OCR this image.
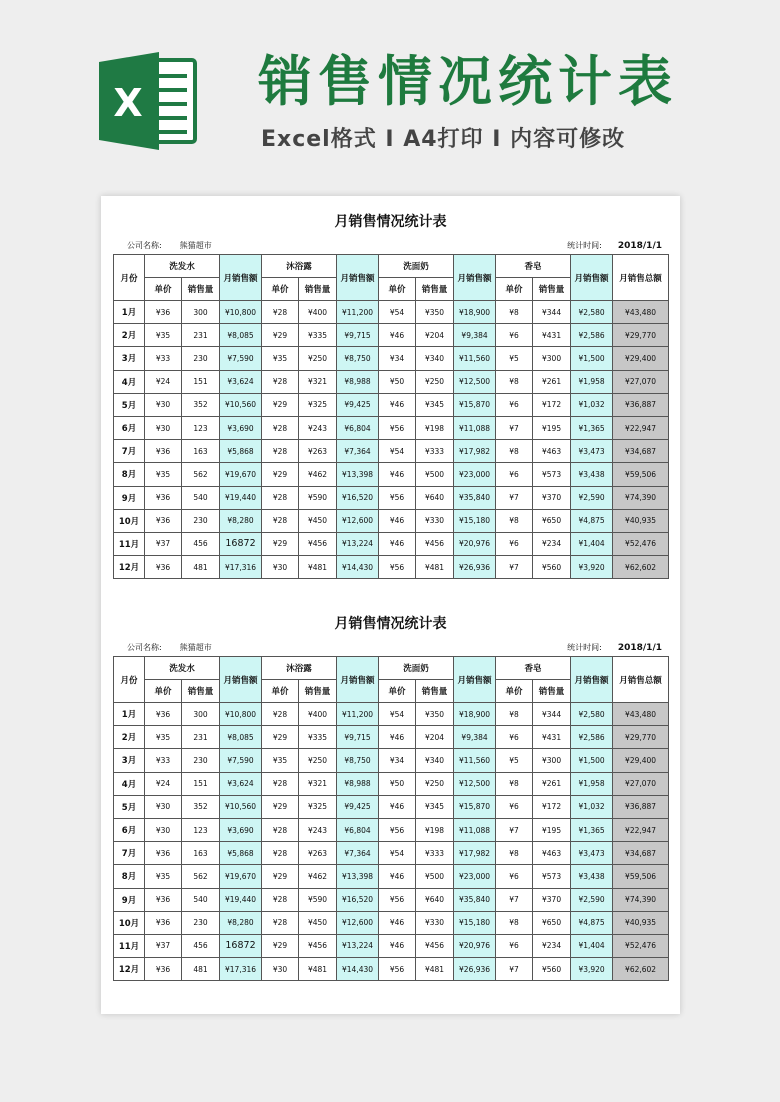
X 销售情况统计表
Excel格式 I A4打印 I 内容可修改
月销售情况统计表
公司名称: 熊猫超市	统计时间: 2018/1/1
月份	洗发水		月销售额	沐浴露		月销售额	洗面奶		月销售额	香皂		月销售额	月销售总额
	单价	销售量		单价	销售量		单价	销售量		单价	销售量		
1月	¥36	300	¥10,800	¥28	¥400	¥11,200	¥54	¥350	¥18,900	¥8	¥344	¥2,580	¥43,480
2月	¥35	231	¥8,085	¥29	¥335	¥9,715	¥46	¥204	¥9,384	¥6	¥431	¥2,586	¥29,770
3月	¥33	230	¥7,590	¥35	¥250	¥8,750	¥34	¥340	¥11,560	¥5	¥300	¥1,500	¥29,400
4月	¥24	151	¥3,624	¥28	¥321	¥8,988	¥50	¥250	¥12,500	¥8	¥261	¥1,958	¥27,070
5月	¥30	352	¥10,560	¥29	¥325	¥9,425	¥46	¥345	¥15,870	¥6	¥172	¥1,032	¥36,887
6月	¥30	123	¥3,690	¥28	¥243	¥6,804	¥56	¥198	¥11,088	¥7	¥195	¥1,365	¥22,947
7月	¥36	163	¥5,868	¥28	¥263	¥7,364	¥54	¥333	¥17,982	¥8	¥463	¥3,473	¥34,687
8月	¥35	562	¥19,670	¥29	¥462	¥13,398	¥46	¥500	¥23,000	¥6	¥573	¥3,438	¥59,506
9月	¥36	540	¥19,440	¥28	¥590	¥16,520	¥56	¥640	¥35,840	¥7	¥370	¥2,590	¥74,390
10月	¥36	230	¥8,280	¥28	¥450	¥12,600	¥46	¥330	¥15,180	¥8	¥650	¥4,875	¥40,935
11月	¥37	456	16872	¥29	¥456	¥13,224	¥46	¥456	¥20,976	¥6	¥234	¥1,404	¥52,476
12月	¥36	481	¥17,316	¥30	¥481	¥14,430	¥56	¥481	¥26,936	¥7	¥560	¥3,920	¥62,602
月销售情况统计表
公司名称: 熊猫超市	统计时间: 2018/1/1
月份	洗发水		月销售额	沐浴露		月销售额	洗面奶		月销售额	香皂		月销售额	月销售总额
	单价	销售量		单价	销售量		单价	销售量		单价	销售量		
1月	¥36	300	¥10,800	¥28	¥400	¥11,200	¥54	¥350	¥18,900	¥8	¥344	¥2,580	¥43,480
2月	¥35	231	¥8,085	¥29	¥335	¥9,715	¥46	¥204	¥9,384	¥6	¥431	¥2,586	¥29,770
3月	¥33	230	¥7,590	¥35	¥250	¥8,750	¥34	¥340	¥11,560	¥5	¥300	¥1,500	¥29,400
4月	¥24	151	¥3,624	¥28	¥321	¥8,988	¥50	¥250	¥12,500	¥8	¥261	¥1,958	¥27,070
5月	¥30	352	¥10,560	¥29	¥325	¥9,425	¥46	¥345	¥15,870	¥6	¥172	¥1,032	¥36,887
6月	¥30	123	¥3,690	¥28	¥243	¥6,804	¥56	¥198	¥11,088	¥7	¥195	¥1,365	¥22,947
7月	¥36	163	¥5,868	¥28	¥263	¥7,364	¥54	¥333	¥17,982	¥8	¥463	¥3,473	¥34,687
8月	¥35	562	¥19,670	¥29	¥462	¥13,398	¥46	¥500	¥23,000	¥6	¥573	¥3,438	¥59,506
9月	¥36	540	¥19,440	¥28	¥590	¥16,520	¥56	¥640	¥35,840	¥7	¥370	¥2,590	¥74,390
10月	¥36	230	¥8,280	¥28	¥450	¥12,600	¥46	¥330	¥15,180	¥8	¥650	¥4,875	¥40,935
11月	¥37	456	16872	¥29	¥456	¥13,224	¥46	¥456	¥20,976	¥6	¥234	¥1,404	¥52,476
12月	¥36	481	¥17,316	¥30	¥481	¥14,430	¥56	¥481	¥26,936	¥7	¥560	¥3,920	¥62,602
